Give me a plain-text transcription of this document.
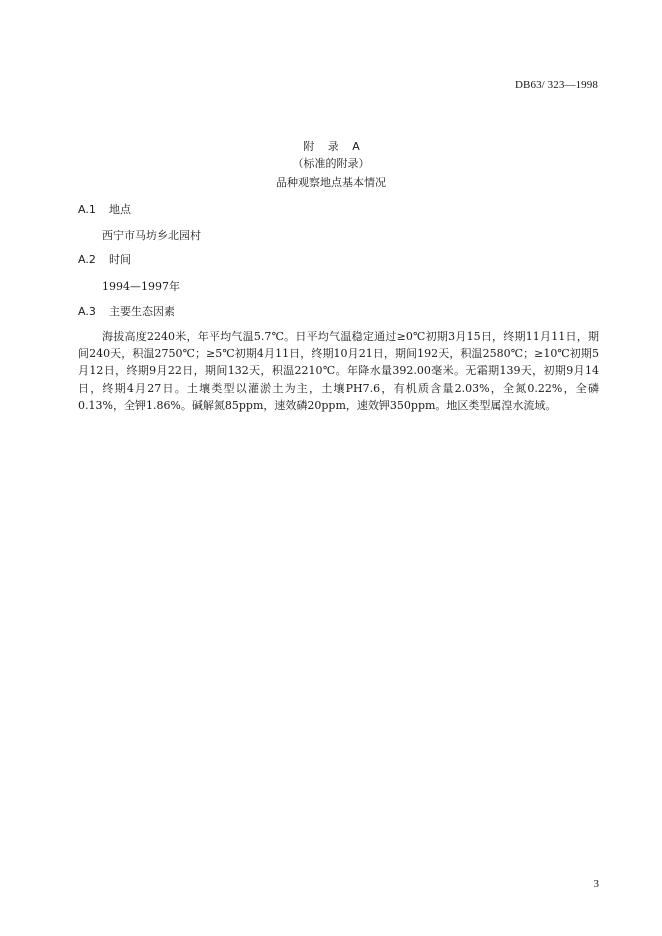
DB63/ 323—1998
附 录 A
（标准的附录）
品种观察地点基本情况
A.1 地点
西宁市马坊乡北园村
A.2 时间
1994—1997年
A.3 主要生态因素

海拔高度2240米，年平均气温5.7℃。日平均气温稳定通过≥0℃初期3月15日，终期11月11日，期间240天，积温2750℃；≥5℃初期4月11日，终期10月21日，期间192天，积温2580℃；≥10℃初期5月12日，终期9月22日，期间132天，积温2210℃。年降水量392.00毫米。无霜期139天，初期9月14日，终期4月27日。土壤类型以灌淤土为主，土壤PH7.6，有机质含量2.03%，全氮0.22%，全磷0.13%，全钾1.86%。碱解氮85ppm，速效磷20ppm，速效钾350ppm。地区类型属湟水流域。

3
